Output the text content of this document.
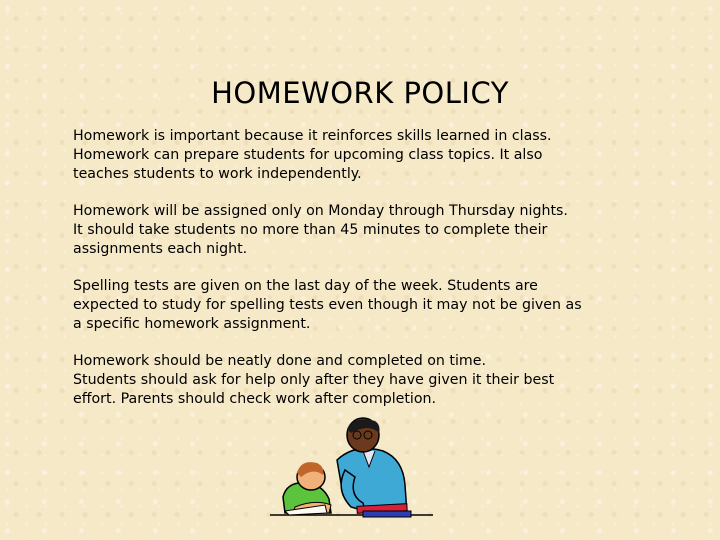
HOMEWORK POLICY

Homework is important because it reinforces skills learned in class.
Homework can prepare students for upcoming class topics. It also
teaches students to work independently.

Homework will be assigned only on Monday through Thursday nights.
It should take students no more than 45 minutes to complete their
assignments each night.

Spelling tests are given on the last day of the week. Students are
expected to study for spelling tests even though it may not be given as
a specific homework assignment.

Homework should be neatly done and completed on time.
Students should ask for help only after they have given it their best
effort. Parents should check work after completion.
